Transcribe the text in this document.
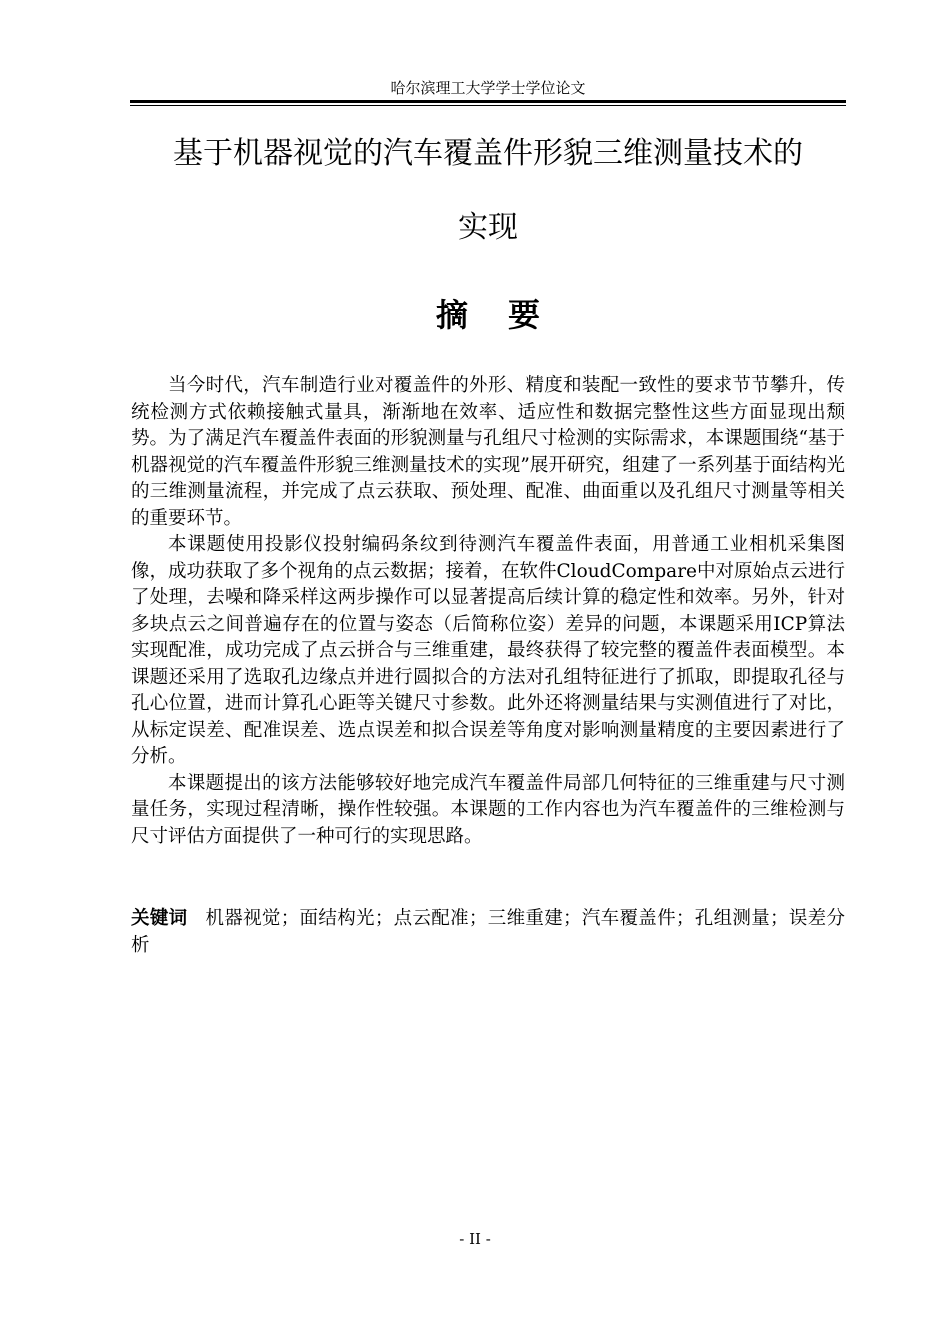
哈尔滨理工大学学士学位论文
基于机器视觉的汽车覆盖件形貌三维测量技术的
实现
摘 要

当今时代，汽车制造行业对覆盖件的外形、精度和装配一致性的要求节节攀升，传统检测方式依赖接触式量具，渐渐地在效率、适应性和数据完整性这些方面显现出颓势。为了满足汽车覆盖件表面的形貌测量与孔组尺寸检测的实际需求，本课题围绕“基于机器视觉的汽车覆盖件形貌三维测量技术的实现”展开研究，组建了一系列基于面结构光的三维测量流程，并完成了点云获取、预处理、配准、曲面重以及孔组尺寸测量等相关的重要环节。

本课题使用投影仪投射编码条纹到待测汽车覆盖件表面，用普通工业相机采集图像，成功获取了多个视角的点云数据；接着，在软件CloudCompare中对原始点云进行了处理，去噪和降采样这两步操作可以显著提高后续计算的稳定性和效率。另外，针对多块点云之间普遍存在的位置与姿态（后简称位姿）差异的问题，本课题采用ICP算法实现配准，成功完成了点云拼合与三维重建，最终获得了较完整的覆盖件表面模型。本课题还采用了选取孔边缘点并进行圆拟合的方法对孔组特征进行了抓取，即提取孔径与孔心位置，进而计算孔心距等关键尺寸参数。此外还将测量结果与实测值进行了对比，从标定误差、配准误差、选点误差和拟合误差等角度对影响测量精度的主要因素进行了分析。

本课题提出的该方法能够较好地完成汽车覆盖件局部几何特征的三维重建与尺寸测量任务，实现过程清晰，操作性较强。本课题的工作内容也为汽车覆盖件的三维检测与尺寸评估方面提供了一种可行的实现思路。

关键词 机器视觉；面结构光；点云配准；三维重建；汽车覆盖件；孔组测量；误差分析
- II -
